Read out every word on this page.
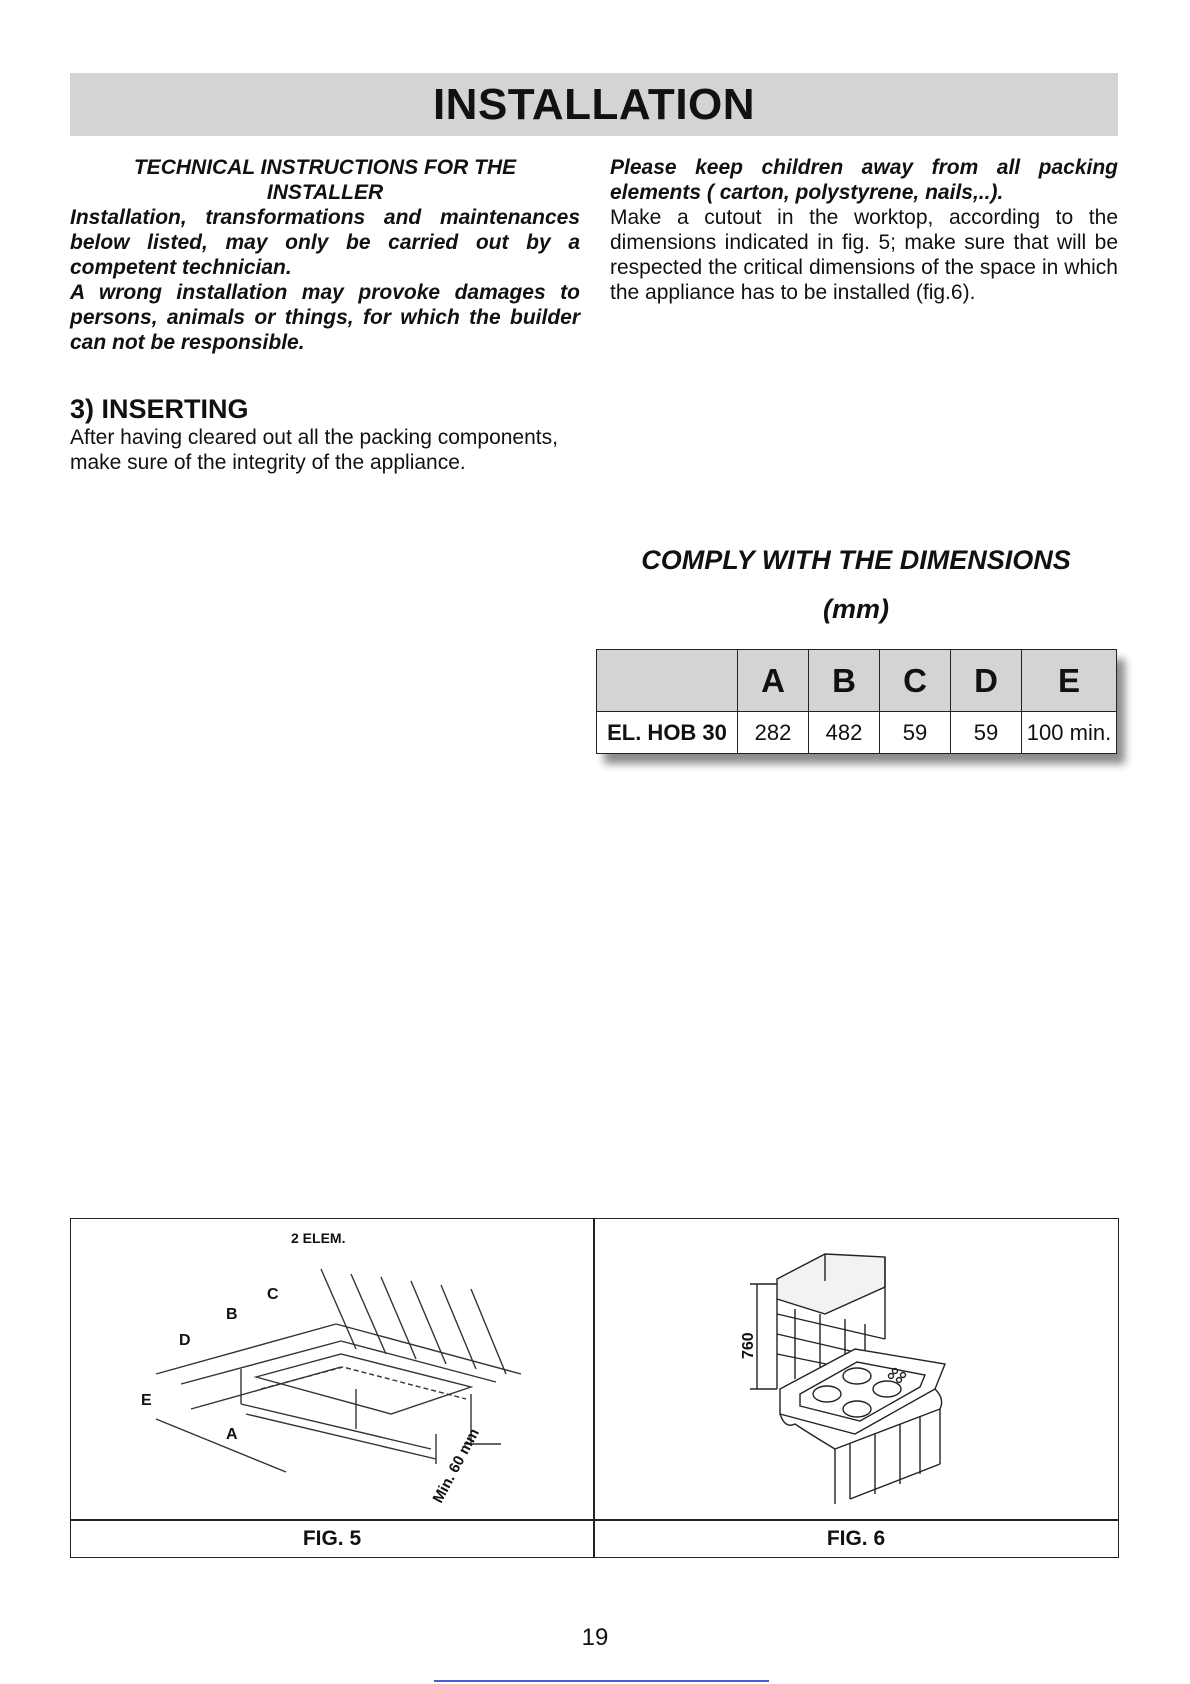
INSTALLATION
TECHNICAL INSTRUCTIONS FOR THE
INSTALLER
Installation, transformations and maintenances below listed, may only be carried out by a competent technician.
A wrong installation may provoke damages to persons, animals or things, for which the builder can not be responsible.
Please keep children away from all packing elements ( carton, polystyrene, nails,..).
Make a cutout in the worktop, according to the dimensions indicated in fig. 5; make sure that will be respected the critical dimensions of the space in which the appliance has to be installed (fig.6).
3) INSERTING

After having cleared out all the packing components, make sure of the integrity of the appliance.

COMPLY WITH THE DIMENSIONS
(mm)
	A	B	C	D	E
EL. HOB 30	282	482	59	59	100 min.
2 ELEM.
C
B
D
E
A	Min. 60 mm
760
FIG. 5	FIG. 6
19
